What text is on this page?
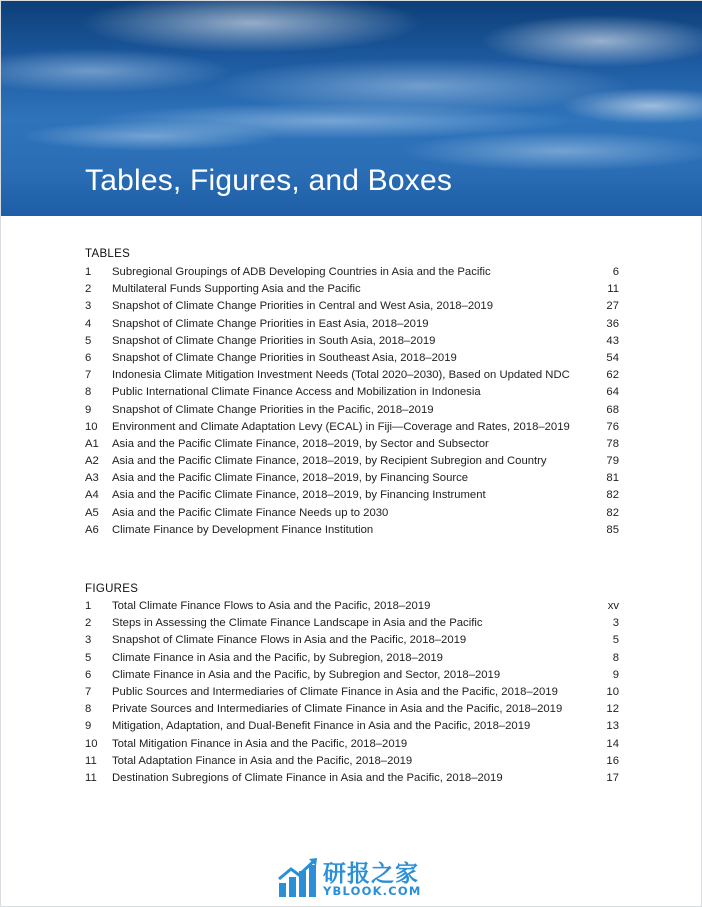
Tables, Figures, and Boxes
TABLES
1 Subregional Groupings of ADB Developing Countries in Asia and the Pacific	6
2 Multilateral Funds Supporting Asia and the Pacific	11
3 Snapshot of Climate Change Priorities in Central and West Asia, 2018–2019	27
4 Snapshot of Climate Change Priorities in East Asia, 2018–2019	36
5 Snapshot of Climate Change Priorities in South Asia, 2018–2019	43
6 Snapshot of Climate Change Priorities in Southeast Asia, 2018–2019	54
7 Indonesia Climate Mitigation Investment Needs (Total 2020–2030), Based on Updated NDC	62
8 Public International Climate Finance Access and Mobilization in Indonesia	64
9 Snapshot of Climate Change Priorities in the Pacific, 2018–2019	68
10 Environment and Climate Adaptation Levy (ECAL) in Fiji—Coverage and Rates, 2018–2019	76
A1 Asia and the Pacific Climate Finance, 2018–2019, by Sector and Subsector	78
A2 Asia and the Pacific Climate Finance, 2018–2019, by Recipient Subregion and Country	79
A3 Asia and the Pacific Climate Finance, 2018–2019, by Financing Source	81
A4 Asia and the Pacific Climate Finance, 2018–2019, by Financing Instrument	82
A5 Asia and the Pacific Climate Finance Needs up to 2030	82
A6 Climate Finance by Development Finance Institution	85
FIGURES
1 Total Climate Finance Flows to Asia and the Pacific, 2018–2019	xv
2 Steps in Assessing the Climate Finance Landscape in Asia and the Pacific	3
3 Snapshot of Climate Finance Flows in Asia and the Pacific, 2018–2019	5
5 Climate Finance in Asia and the Pacific, by Subregion, 2018–2019	8
6 Climate Finance in Asia and the Pacific, by Subregion and Sector, 2018–2019	9
7 Public Sources and Intermediaries of Climate Finance in Asia and the Pacific, 2018–2019	10
8 Private Sources and Intermediaries of Climate Finance in Asia and the Pacific, 2018–2019	12
9 Mitigation, Adaptation, and Dual-Benefit Finance in Asia and the Pacific, 2018–2019	13
10 Total Mitigation Finance in Asia and the Pacific, 2018–2019	14
11 Total Adaptation Finance in Asia and the Pacific, 2018–2019	16
11 Destination Subregions of Climate Finance in Asia and the Pacific, 2018–2019	17
研报之家
YBLOOK.COM
